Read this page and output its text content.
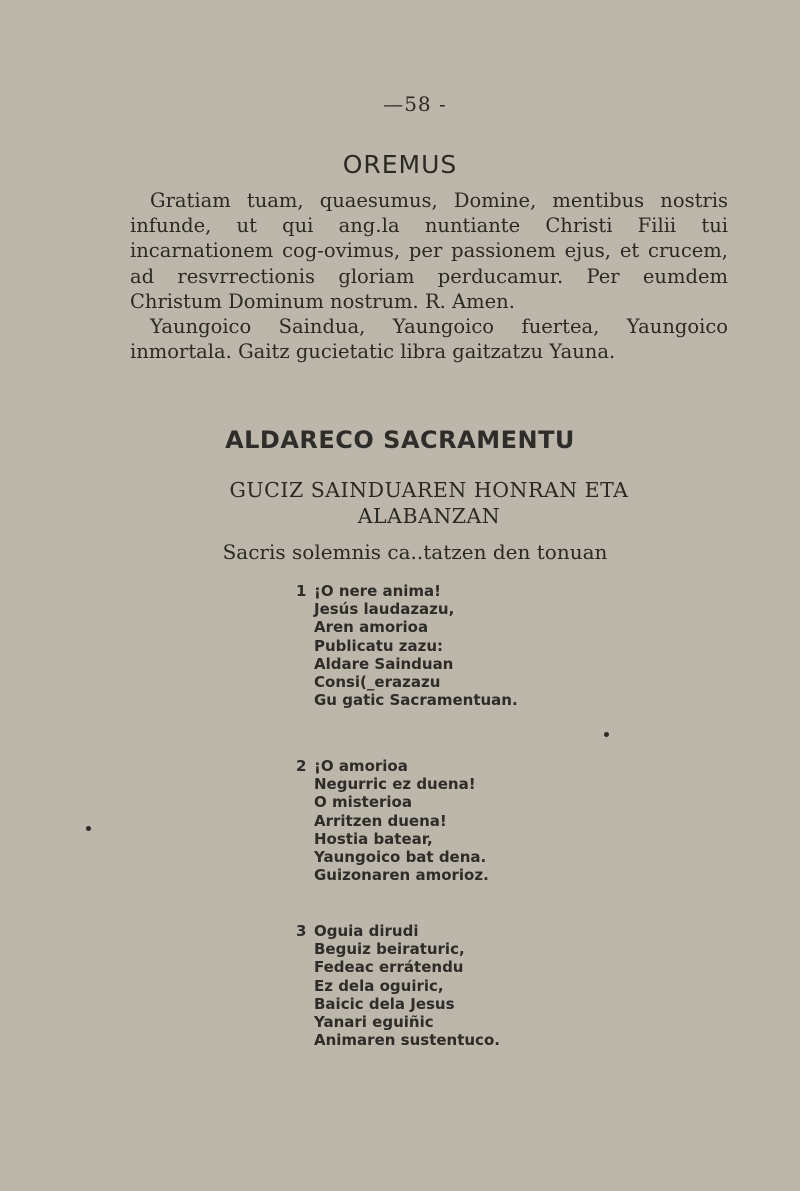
—58 -
OREMUS

Gratiam tuam, quaesumus, Domine, mentibus nostris infunde, ut qui ang․la nuntiante Christi Filii tui incarnationem cog-ovimus, per passionem ejus, et crucem, ad resvrrectionis gloriam perducamur. Per eumdem Christum Dominum nostrum. R. Amen.

Yaungoico Saindua, Yaungoico fuertea, Yaungoico inmortala. Gaitz gucietatic libra gaitzatzu Yauna.

ALDARECO SACRAMENTU
GUCIZ SAINDUAREN HONRAN ETA
ALABANZAN
Sacris solemnis ca..tatzen den tonuan
1 ¡O nere anima!
Jesús laudazazu,
Aren amorioa
Publicatu zazu:
Aldare Sainduan
Consi(_erazazu
Gu gatic Sacramentuan.
2 ¡O amorioa
Negurric ez duena!
O misterioa
Arritzen duena!
Hostia batear,
Yaungoico bat dena.
Guizonaren amorioz.
3 Oguia dirudi
Beguiz beiraturic,
Fedeac errátendu
Ez dela oguiric,
Baicic dela Jesus
Yanari eguiñic
Animaren sustentuco.
